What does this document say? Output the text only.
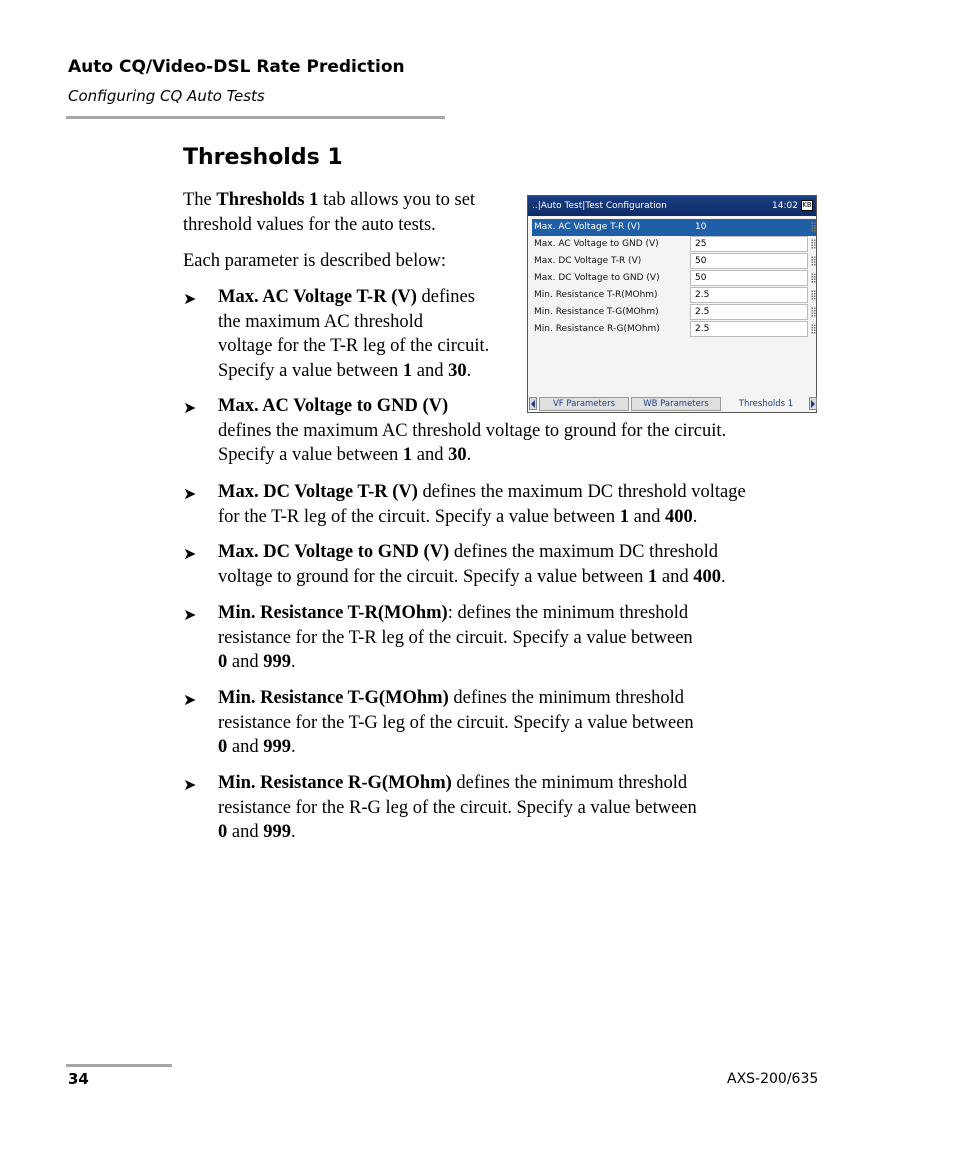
Auto CQ/Video-DSL Rate Prediction
Configuring CQ Auto Tests
Thresholds 1

The Thresholds 1 tab allows you to set
threshold values for the auto tests.

Each parameter is described below:

➤ Max. AC Voltage T-R (V) defines
the maximum AC threshold
voltage for the T-R leg of the circuit.
Specify a value between 1 and 30.

➤ Max. AC Voltage to GND (V)
defines the maximum AC threshold voltage to ground for the circuit.
Specify a value between 1 and 30.

➤ Max. DC Voltage T-R (V) defines the maximum DC threshold voltage
for the T-R leg of the circuit. Specify a value between 1 and 400.

➤ Max. DC Voltage to GND (V) defines the maximum DC threshold
voltage to ground for the circuit. Specify a value between 1 and 400.

➤ Min. Resistance T-R(MOhm): defines the minimum threshold
resistance for the T-R leg of the circuit. Specify a value between
0 and 999.

➤ Min. Resistance T-G(MOhm) defines the minimum threshold
resistance for the T-G leg of the circuit. Specify a value between
0 and 999.

➤ Min. Resistance R-G(MOhm) defines the minimum threshold
resistance for the R-G leg of the circuit. Specify a value between
0 and 999.

..|Auto Test|Test Configuration	14:02 KB
Max. AC Voltage T-R (V)	10
Max. AC Voltage to GND (V)	25
Max. DC Voltage T-R (V)	50
Max. DC Voltage to GND (V)	50
Min. Resistance T-R(MOhm)	2.5
Min. Resistance T-G(MOhm)	2.5
Min. Resistance R-G(MOhm)	2.5
VF Parameters	WB Parameters	Thresholds 1
34	AXS-200/635
